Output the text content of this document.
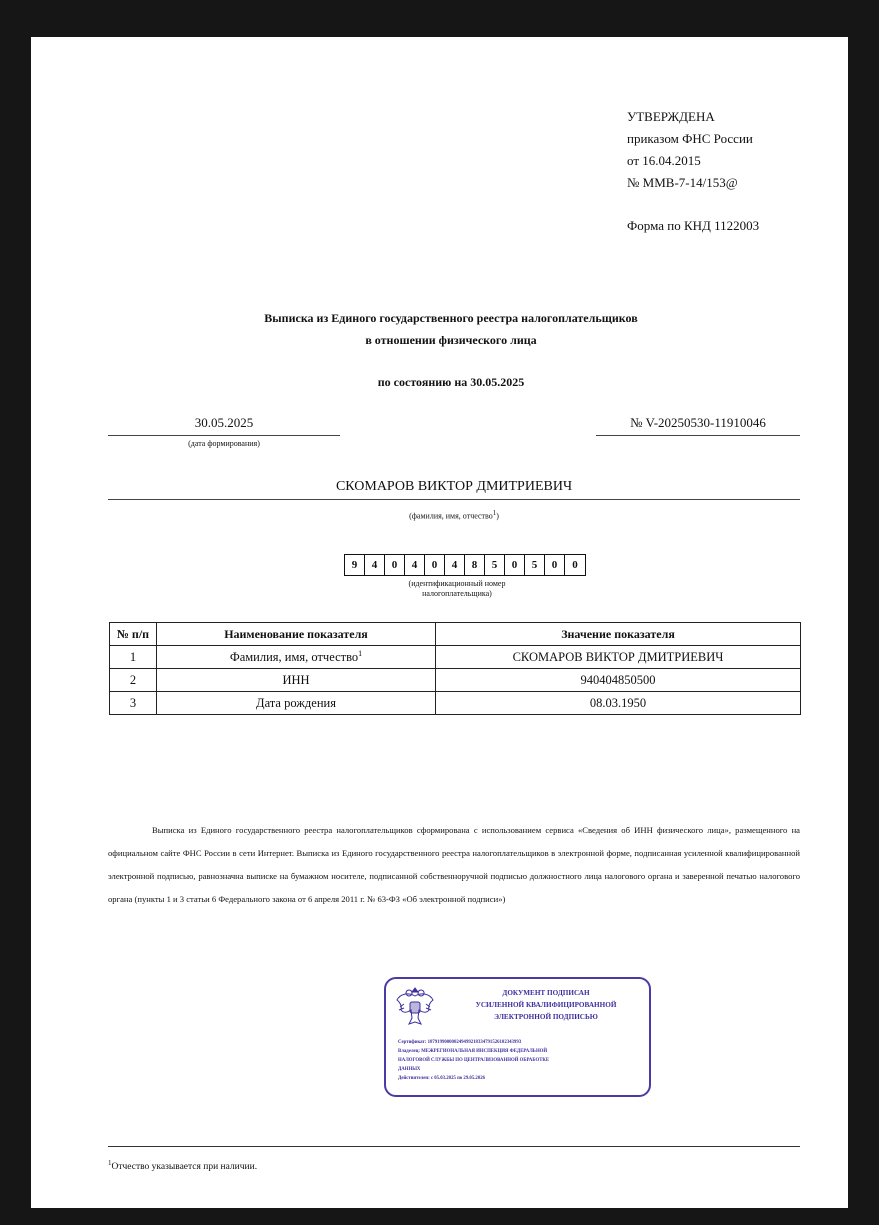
УТВЕРЖДЕНА
приказом ФНС России
от 16.04.2015
№ ММВ-7-14/153@
Форма по КНД 1122003
Выписка из Единого государственного реестра налогоплательщиков
в отношении физического лица
по состоянию на 30.05.2025
30.05.2025
(дата формирования)
№ V-20250530-11910046
СКОМАРОВ ВИКТОР ДМИТРИЕВИЧ
(фамилия, имя, отчество$^1$)
9	4	0	4	0	4	8	5	0	5	0	0
(идентификационный номер
налогоплательщика)
№ п/п	Наименование показателя	Значение показателя
1	Фамилия, имя, отчество$^1$	СКОМАРОВ ВИКТОР ДМИТРИЕВИЧ
2	ИНН	940404850500
3	Дата рождения	08.03.1950
Выписка из Единого государственного реестра налогоплательщиков сформирована с использованием сервиса «Сведения об ИНН физического лица», размещенного на официальном сайте ФНС России в сети Интернет. Выписка из Единого государственного реестра налогоплательщиков в электронной форме, подписанная усиленной квалифицированной электронной подписью, равнозначна выписке на бумажном носителе, подписанной собственноручной подписью должностного лица налогового органа и заверенной печатью налогового органа (пункты 1 и 3 статьи 6 Федерального закона от 6 апреля 2011 г. № 63-ФЗ «Об электронной подписи»)
ДОКУМЕНТ ПОДПИСАН
УСИЛЕННОЙ КВАЛИФИЦИРОВАННОЙ
ЭЛЕКТРОННОЙ ПОДПИСЬЮ
Сертификат: 187919900000249499218334791526102343993
Владелец: МЕЖРЕГИОНАЛЬНАЯ ИНСПЕКЦИЯ ФЕДЕРАЛЬНОЙ
НАЛОГОВОЙ СЛУЖБЫ ПО ЦЕНТРАЛИЗОВАННОЙ ОБРАБОТКЕ
ДАННЫХ
Действителен: с 05.03.2025 по 29.05.2026
$^1$Отчество указывается при наличии.
